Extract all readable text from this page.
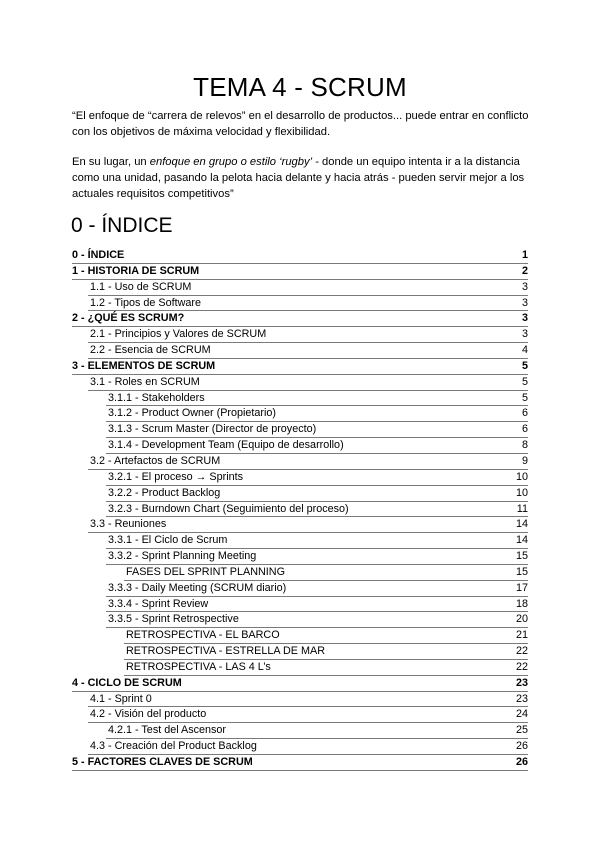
TEMA 4 - SCRUM
“El enfoque de “carrera de relevos” en el desarrollo de productos... puede entrar en conflicto con los objetivos de máxima velocidad y flexibilidad.
En su lugar, un enfoque en grupo o estilo ‘rugby’ - donde un equipo intenta ir a la distancia como una unidad, pasando la pelota hacia delante y hacia atrás - pueden servir mejor a los actuales requisitos competitivos”
0 - ÍNDICE
0 - ÍNDICE	1
1 - HISTORIA DE SCRUM	2
1.1 - Uso de SCRUM	3
1.2 - Tipos de Software	3
2 - ¿QUÉ ES SCRUM?	3
2.1 - Principios y Valores de SCRUM	3
2.2 - Esencia de SCRUM	4
3 - ELEMENTOS DE SCRUM	5
3.1 - Roles en SCRUM	5
3.1.1 - Stakeholders	5
3.1.2 - Product Owner (Propietario)	6
3.1.3 - Scrum Master (Director de proyecto)	6
3.1.4 - Development Team (Equipo de desarrollo)	8
3.2 - Artefactos de SCRUM	9
3.2.1 - El proceso → Sprints	10
3.2.2 - Product Backlog	10
3.2.3 - Burndown Chart (Seguimiento del proceso)	11
3.3 - Reuniones	14
3.3.1 - El Ciclo de Scrum	14
3.3.2 - Sprint Planning Meeting	15
FASES DEL SPRINT PLANNING	15
3.3.3 - Daily Meeting (SCRUM diario)	17
3.3.4 - Sprint Review	18
3.3.5 - Sprint Retrospective	20
RETROSPECTIVA - EL BARCO	21
RETROSPECTIVA - ESTRELLA DE MAR	22
RETROSPECTIVA - LAS 4 L’s	22
4 - CICLO DE SCRUM	23
4.1 - Sprint 0	23
4.2 - Visión del producto	24
4.2.1 - Test del Ascensor	25
4.3 - Creación del Product Backlog	26
5 - FACTORES CLAVES DE SCRUM	26
